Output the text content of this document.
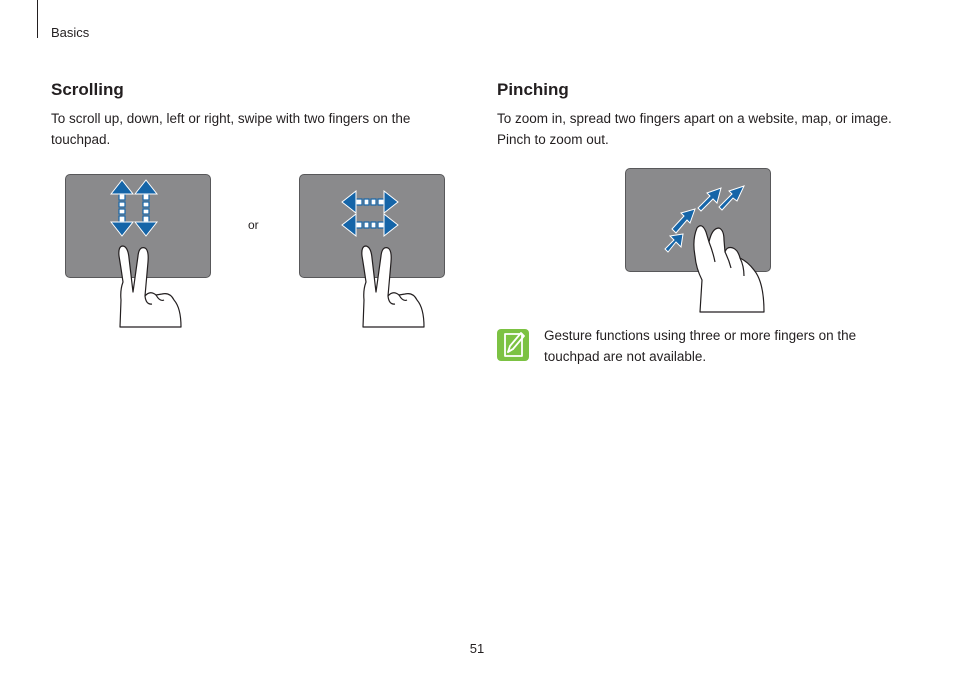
Basics
Scrolling
To scroll up, down, left or right, swipe with two fingers on the touchpad.
or
Pinching
To zoom in, spread two fingers apart on a website, map, or image. Pinch to zoom out.
Gesture functions using three or more fingers on the touchpad are not available.
51
